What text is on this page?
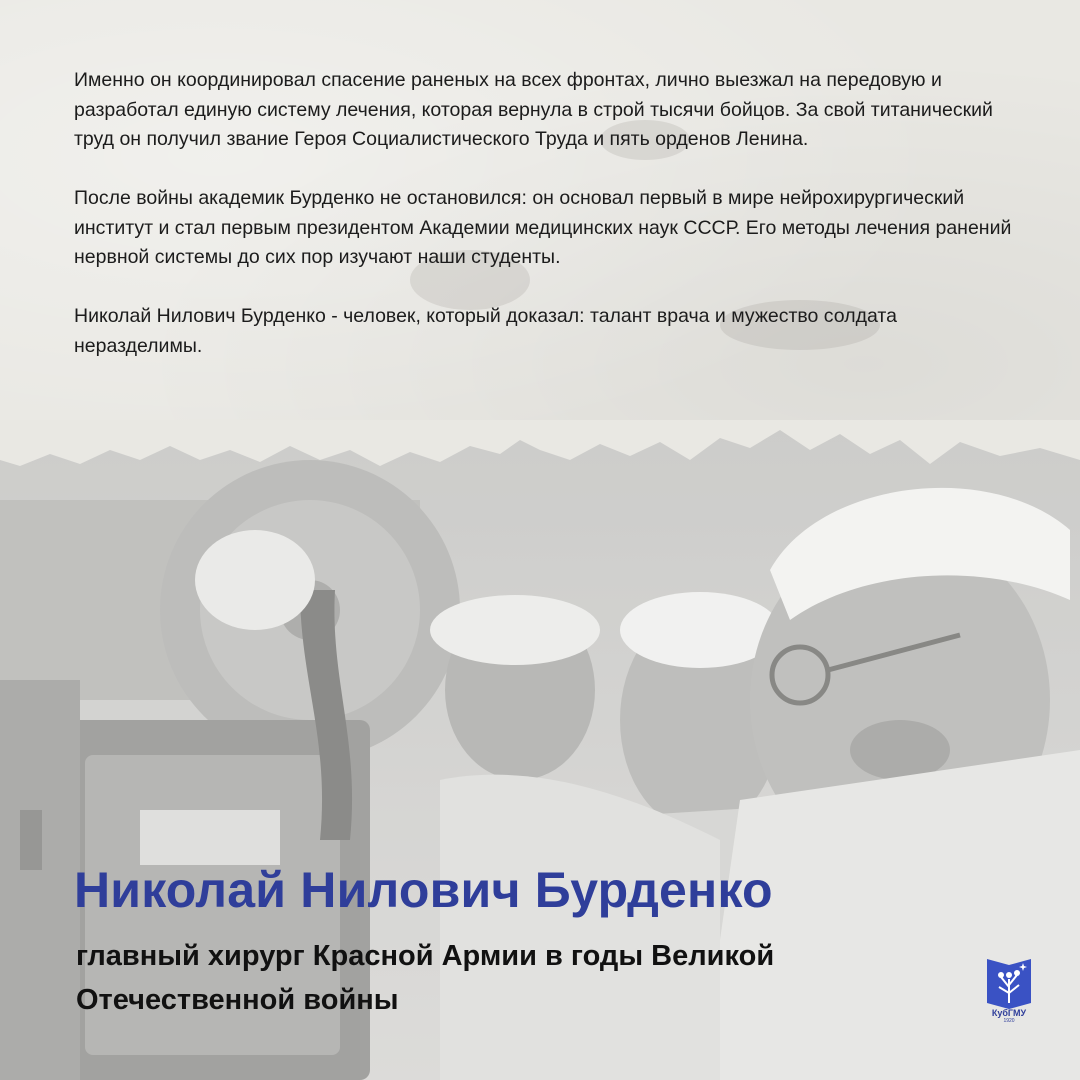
Именно он координировал спасение раненых на всех фронтах, лично выезжал на передовую и разработал единую систему лечения, которая вернула в строй тысячи бойцов. За свой титанический труд он получил звание Героя Социалистического Труда и пять орденов Ленина.

После войны академик Бурденко не остановился: он основал первый в мире нейрохирургический институт и стал первым президентом Академии медицинских наук СССР. Его методы лечения ранений нервной системы до сих пор изучают наши студенты.

Николай Нилович Бурденко - человек, который доказал: талант врача и мужество солдата неразделимы.

Николай Нилович Бурденко
главный хирург Красной Армии в годы Великой Отечественной войны	КубГМУ
1920
